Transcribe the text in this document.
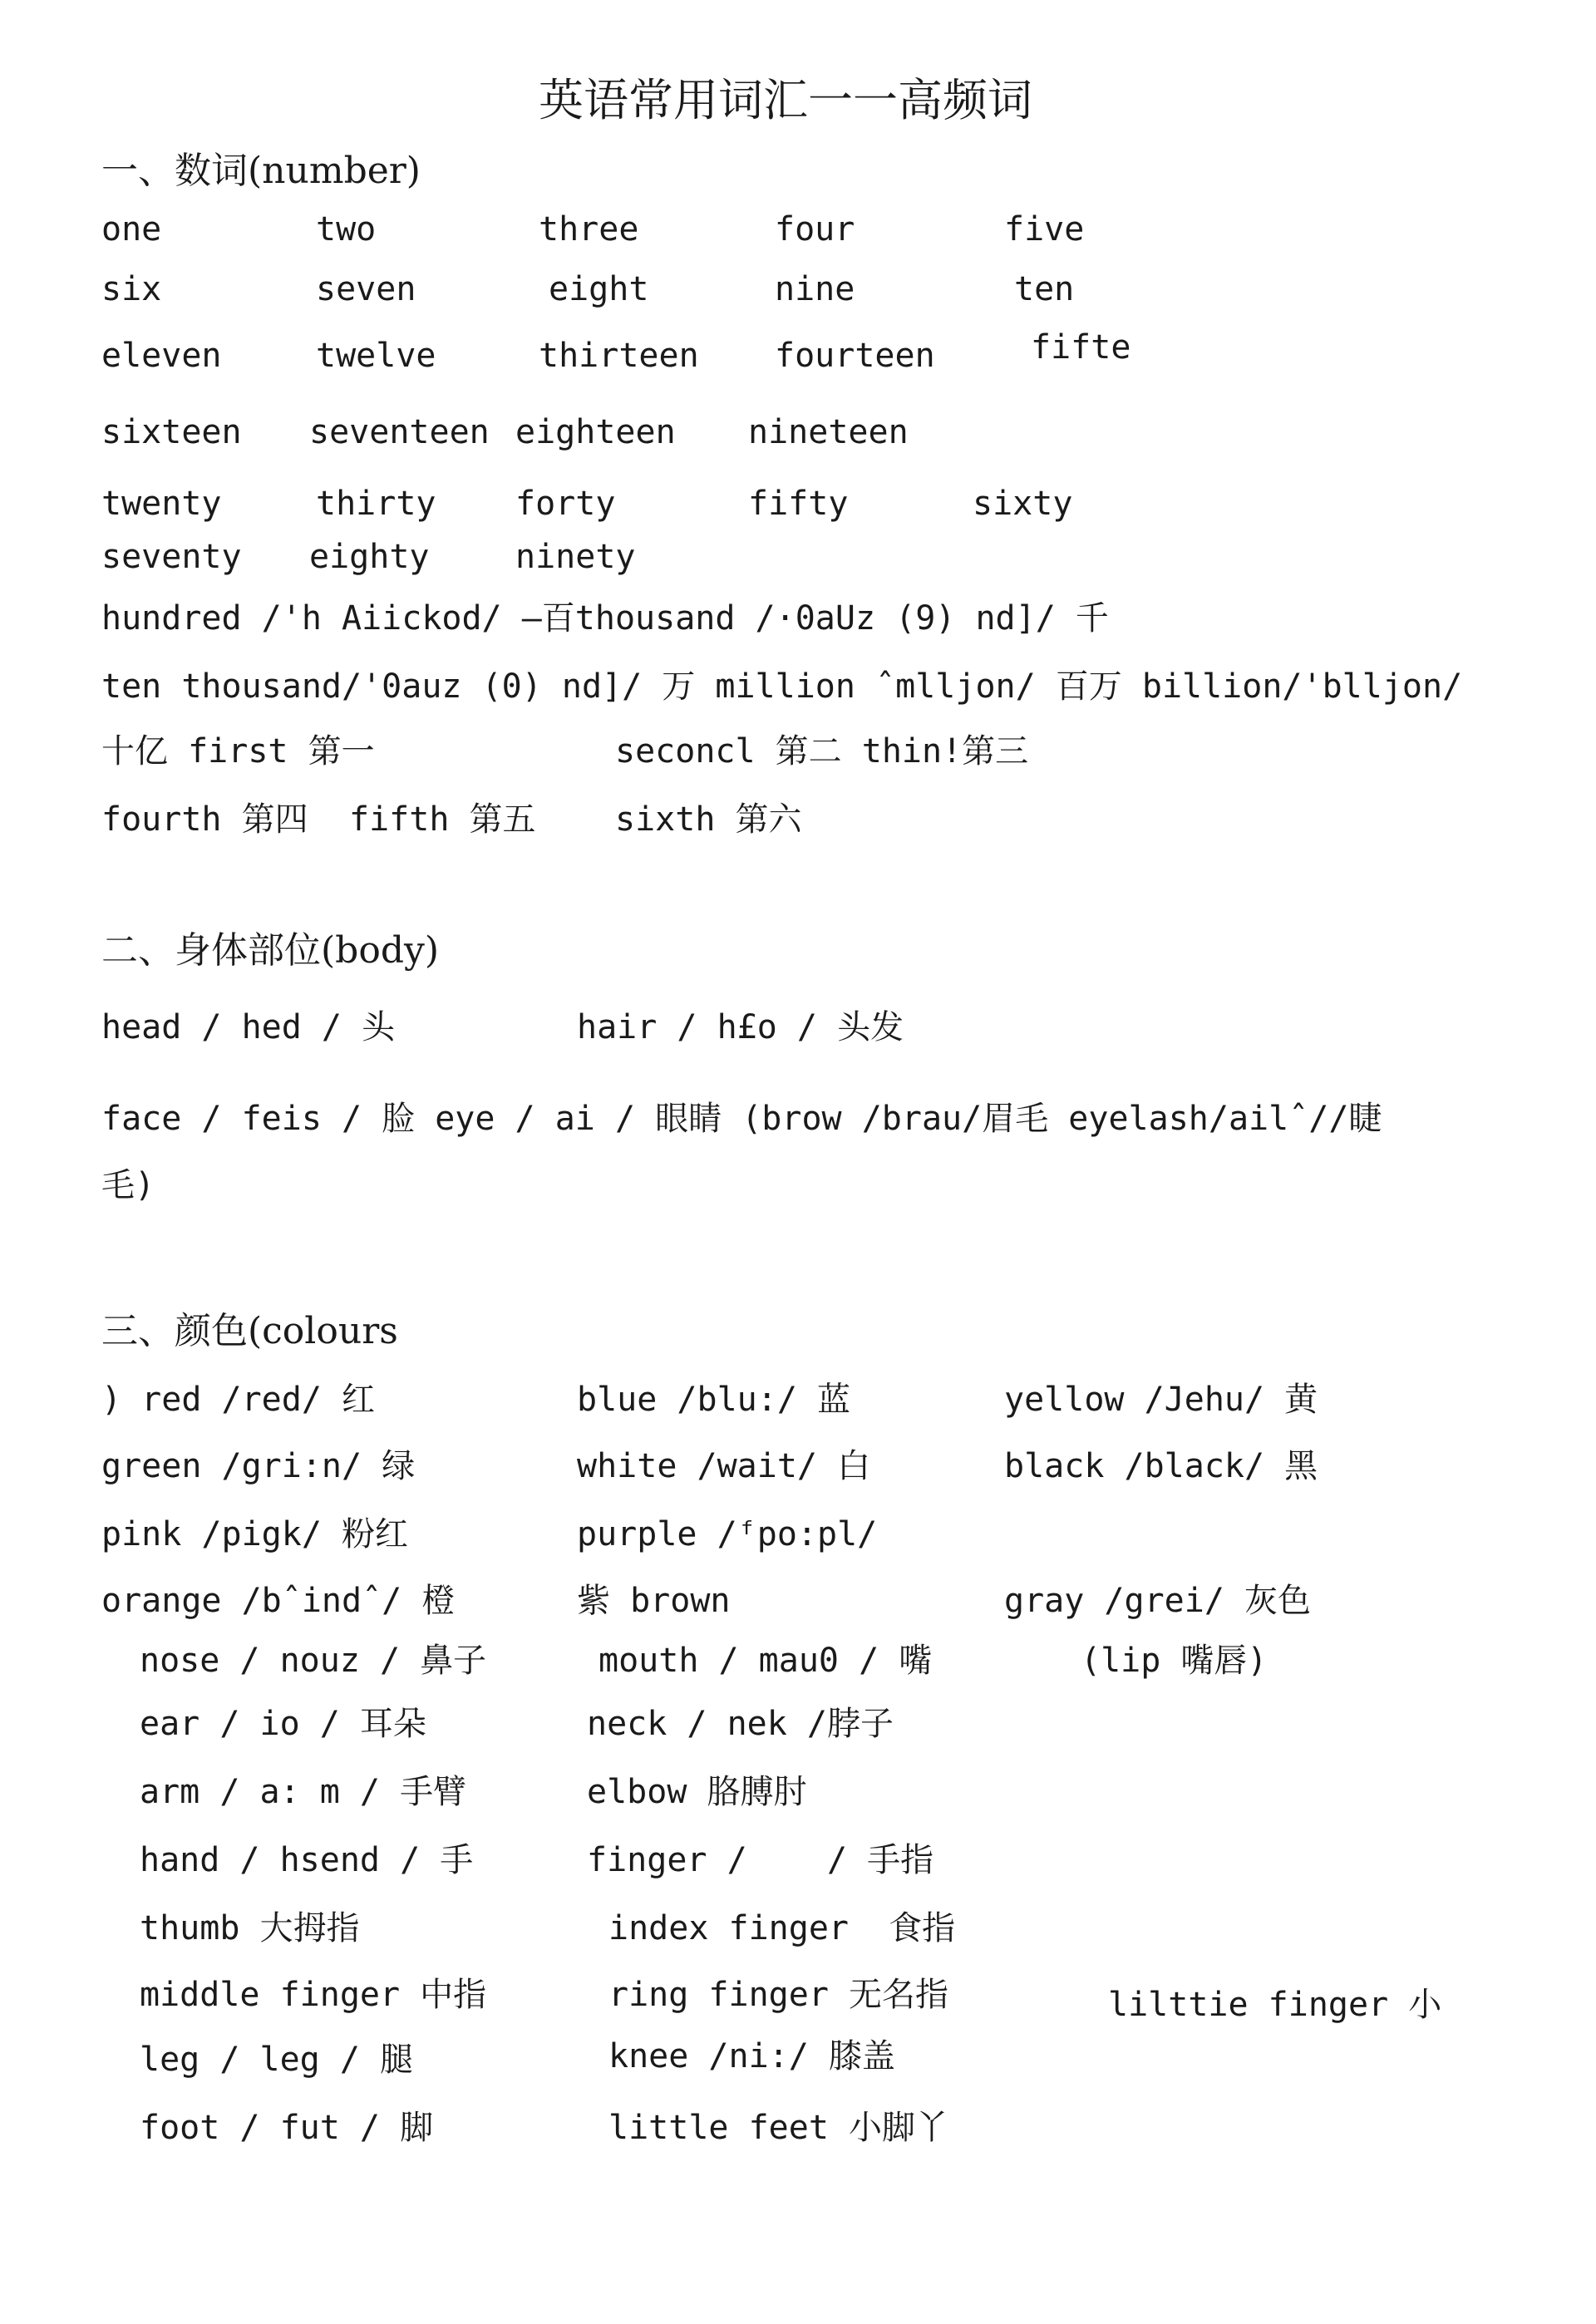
英语常用词汇一一高频词
一、数词(number)
one	two	three	four	five
six	seven	eight	nine	ten
eleven	twelve	thirteen fourteen	fifte
sixteen seventeen eighteen nineteen
twenty	thirty forty	fifty	sixty
seventy eighty	ninety
hundred /'h Aiickod/ —百thousand /·0aUz (9) nd]/ 千
ten thousand/'0auz (0) nd]/ 万 million ˆmlljon/ 百万 billion/'blljon/
十亿 first 第一	seconcl 第二 thin!第三
fourth 第四 fifth 第五 sixth 第六
二、身体部位(body)
head / hed / 头	hair / h£o / 头发
face / feis / 脸 eye / ai / 眼睛 (brow /brau/眉毛 eyelash/ailˆ//睫
毛)
三、颜色(colours
) red /red/ 红	blue /blu:/ 蓝	yellow /Jehu/ 黄
green /gri:n/ 绿	white /wait/ 白	black /black/ 黑
pink /pigk/ 粉红	purple /ᶠpo:pl/
orange /bˆindˆ/ 橙	紫 brown	gray /grei/ 灰色
nose / nouz / 鼻子	mouth / mau0 / 嘴	(lip 嘴唇)
ear / io / 耳朵	neck / nek /脖子
arm / a: m / 手臂	elbow 胳膊肘
hand / hsend / 手	finger /    / 手指
thumb 大拇指	index finger  食指
middle finger 中指	ring finger 无名指	lilttie finger 小
leg / leg / 腿	knee /ni:/ 膝盖
foot / fut / 脚	little feet 小脚丫
